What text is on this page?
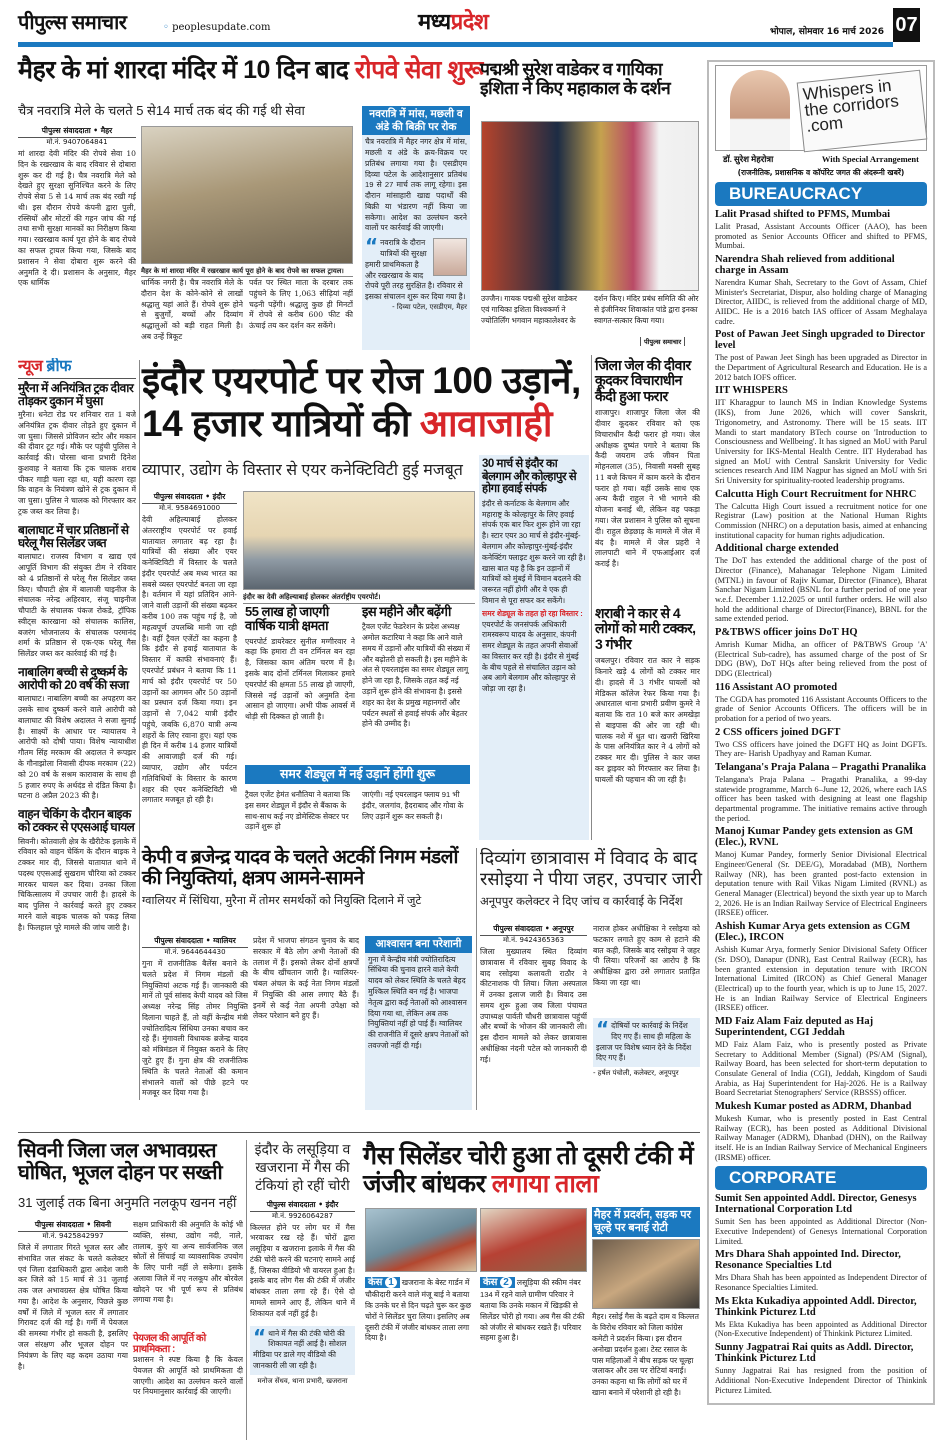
पीपुल्स समाचार	◦ peoplesupdate.com	मध्यप्रदेश	भोपाल, सोमवार 16 मार्च 2026 07
मैहर के मां शारदा मंदिर में 10 दिन बाद रोपवे सेवा शुरू
चैत्र नवरात्रि मेले के चलते 5 से14 मार्च तक बंद की गई थी सेवा
पीपुल्स संवाददाता • मैहर
मो.नं. 9407064841
मां शारदा देवी मंदिर की रोपवे सेवा 10 दिन के रखरखाव के बाद रविवार से दोबारा शुरू कर दी गई है। चैत्र नवरात्रि मेले को देखते हुए सुरक्षा सुनिश्चित करने के लिए रोपवे सेवा 5 से 14 मार्च तक बंद रखी गई थी। इस दौरान रोपवे कंपनी द्वारा पुली, रस्सियों और मोटरों की गहन जांच की गई तथा सभी सुरक्षा मानकों का निरीक्षण किया गया। रखरखाव कार्य पूरा होने के बाद रोपवे का सफल ट्रायल किया गया, जिसके बाद प्रशासन ने सेवा दोबारा शुरू करने की अनुमति दे दी। प्रशासन के अनुसार, मैहर एक धार्मिक
मैहर के मां शारदा मंदिर में रखरखाव कार्य पूरा होने के बाद रोपवे का सफल ट्रायल।
धार्मिक नगरी है। चैत्र नवरात्रि मेले के दौरान देश के कोने-कोने से लाखों श्रद्धालु यहां आते हैं। रोपवे शुरू होने से बुजुर्गों, बच्चों और दिव्यांग श्रद्धालुओं को बड़ी राहत मिली है। अब उन्हें त्रिकूट
पर्वत पर स्थित माता के दरबार तक पहुंचने के लिए 1,063 सीढ़ियां नहीं चढ़नी पड़ेंगी। श्रद्धालु कुछ ही मिनटों में रोपवे से करीब 600 फीट की ऊंचाई तय कर दर्शन कर सकेंगे।
नवरात्रि में मांस, मछली व अंडे की बिक्री पर रोक
चैत्र नवरात्रि में मैहर नगर क्षेत्र में मांस, मछली व अंडे के क्रय-विक्रय पर प्रतिबंध लगाया गया है। एसडीएम दिव्या पटेल के आदेशानुसार प्रतिबंध 19 से 27 मार्च तक लागू रहेगा। इस दौरान मांसाहारी खाद्य पदार्थों की बिक्री या भंडारण नहीं किया जा सकेगा। आदेश का उल्लंघन करने वालों पर कार्रवाई की जाएगी।
“ नवरात्रि के दौरान यात्रियों की सुरक्षा हमारी प्राथमिकता है और रखरखाव के बाद रोपवे पूरी तरह सुरक्षित है। रविवार से इसका संचालन शुरू कर दिया गया है।
- दिव्या पटेल, एसडीएम, मैहर
पद्मश्री सुरेश वाडेकर व गायिका इशिता ने किए महाकाल के दर्शन
उज्जैन। गायक पद्मश्री सुरेश वाडेकर एवं गायिका इशिता विश्वकर्मा ने ज्योतिर्लिंग भगवान महाकालेश्वर के
दर्शन किए। मंदिर प्रबंध समिति की ओर से इंजीनियर शिवाकांत पांडे द्वारा इनका स्वागत-सत्कार किया गया।
पीपुल्स समाचार
न्यूज ब्रीफ
मुरैना में अनियंत्रित ट्रक दीवार तोड़कर दुकान में घुसा
मुरैना। धनेटा रोड पर शनिवार रात 1 बजे अनियंत्रित ट्रक दीवार तोड़ते हुए दुकान में जा घुसा। जिससे प्रोविजन स्टोर और मकान की दीवार टूट गई। मौके पर पहुंची पुलिस ने कार्रवाई की। पोरसा थाना प्रभारी दिनेश कुशवाह ने बताया कि ट्रक चालक शराब पीकर गाड़ी चला रहा था, यही कारण रहा कि वाहन के नियंत्रण खोने से ट्रक दुकान में जा घुसा। पुलिस ने चालक को गिरफ्तार कर ट्रक जब्त कर लिया है।
बालाघाट में चार प्रतिष्ठानों से घरेलू गैस सिलेंडर जब्त
बालाघाट। राजस्व विभाग व खाद्य एवं आपूर्ति विभाग की संयुक्त टीम ने रविवार को 4 प्रतिष्ठानों से घरेलू गैस सिलेंडर जब्त किए। चौपाटी क्षेत्र में बालाजी चाइनीज के संचालक नरेन्द्र अहिरवार, संजू चाइनीज चौपाटी के संचालक पंकज रोकडे, ट्रॉपिक स्वीट्स कारखाना को संचालक कालिस, बजरंग भोजनालय के संचालक परमानंद शर्मा के प्रतिष्ठान से एक-एक घरेलू गैस सिलेंडर जब्त कर कार्रवाई की गई है।
नाबालिग बच्ची से दुष्कर्म के आरोपी को 20 वर्ष की सजा
बालाघाट। नाबालिग बच्ची का अपहरण कर उसके साथ दुष्कर्म करने वाले आरोपी को बालाघाट की विशेष अदालत ने सजा सुनाई है। साक्ष्यों के आधार पर न्यायालय ने आरोपी को दोषी पाया। विशेष न्यायाधीश गौतम सिंह मरकाम की अदालत ने रूपझर के गौनाझोला निवासी दीपक मरकाम (22) को 20 वर्ष के सश्रम कारावास के साथ ही 5 हजार रुपए के अर्थदंड से दंडित किया है। घटना 8 अप्रैल 2023 की है।
वाहन चेकिंग के दौरान बाइक को टक्कर से एएसआई घायल
सिवनी। कोतवाली क्षेत्र के खैरीटेक इलाके में रविवार को वाहन चेकिंग के दौरान बाइक ने टक्कर मार दी, जिससे यातायात थाने में पदस्थ एएसआई सुखराम चौरिया को टक्कर मारकर घायल कर दिया। उनका जिला चिकित्सालय में उपचार जारी है। हादसे के बाद पुलिस ने कार्रवाई करते हुए टक्कर मारने वाले बाइक चालक को पकड़ लिया है। फिलहाल पूरे मामले की जांच जारी है।
इंदौर एयरपोर्ट पर रोज 100 उड़ानें,
14 हजार यात्रियों की आवाजाही
व्यापार, उद्योग के विस्तार से एयर कनेक्टिविटी हुई मजबूत
पीपुल्स संवाददाता • इंदौर
मो.नं. 9584691000
देवी अहिल्याबाई होलकर अंतरराष्ट्रीय एयरपोर्ट पर हवाई यातायात लगातार बढ़ रहा है। यात्रियों की संख्या और एयर कनेक्टिविटी में विस्तार के चलते इंदौर एयरपोर्ट अब मध्य भारत का सबसे व्यस्त एयरपोर्ट बनता जा रहा है। वर्तमान में यहां प्रतिदिन आने-जाने वाली उड़ानों की संख्या बढ़कर करीब 100 तक पहुंच गई है, जो महत्वपूर्ण उपलब्धि मानी जा रही है। वहीं ट्रैवल एजेंटों का कहना है कि इंदौर से हवाई यातायात के विस्तार में काफी संभावनाएं हैं। एयरपोर्ट प्रबंधन ने बताया कि 11 मार्च को इंदौर एयरपोर्ट पर 50 उड़ानों का आगमन और 50 उड़ानों का प्रस्थान दर्ज किया गया। इन उड़ानों से 7,042 यात्री इंदौर पहुंचे, जबकि 6,870 यात्री अन्य शहरों के लिए रवाना हुए। यहां एक ही दिन में करीब 14 हजार यात्रियों की आवाजाही दर्ज की गई। व्यापार, उद्योग और पर्यटन गतिविधियों के विस्तार के कारण शहर की एयर कनेक्टिविटी भी लगातार मजबूत हो रही है।
इंदौर का देवी अहिल्याबाई होलकर अंतर्राष्ट्रीय एयरपोर्ट।
55 लाख हो जाएगी वार्षिक यात्री क्षमता
एयरपोर्ट डायरेक्टर सुनील मग्गीरवार ने कहा कि हमारा टी वन टर्मिनल बन रहा है, जिसका काम अंतिम चरण में है। इसके बाद दोनों टर्मिनल मिलाकर हमारे एयरपोर्ट की क्षमता 55 लाख हो जाएगी, जिससे नई उड़ानों को अनुमति देना आसान हो जाएगा। अभी पीक आवर्स में थोड़ी सी दिक्कत हो जाती है।
इस महीने और बढ़ेंगी
ट्रैवल एजेंट फेडरेशन के प्रदेश अध्यक्ष अमोल कटारिया ने कहा कि आने वाले समय में उड़ानों और यात्रियों की संख्या में और बढ़ोतरी हो सकती है। इस महीने के अंत से एयरलाइंस का समर शेड्यूल लागू होने जा रहा है, जिसके तहत कई नई उड़ानें शुरू होने की संभावना है। इससे शहर का देश के प्रमुख महानगरों और पर्यटन स्थलों से हवाई संपर्क और बेहतर होने की उम्मीद है।
समर शेड्यूल में नई उड़ानें होंगी शुरू
ट्रैवल एजेंट हेमंत धनौतिया ने बताया कि इस समर शेड्यूल में इंदौर से बैंकाक के साथ-साथ कई नए डोमेस्टिक सेक्टर पर उड़ानें शुरू हो
जाएंगी। नई एयरलाइन फ्लाय 91 भी इंदौर, जलगांव, हैदराबाद और गोवा के लिए उड़ानें शुरू कर सकती है।
30 मार्च से इंदौर का बेलगाम और कोल्हापुर से होगा हवाई संपर्क
इंदौर से कर्नाटक के बेलगाम और महाराष्ट्र के कोल्हापुर के लिए हवाई संपर्क एक बार फिर शुरू होने जा रहा है। स्टार एयर 30 मार्च से इंदौर-मुंबई-बेलगाम और कोल्हापुर-मुंबई-इंदौर कनेक्टिंग फ्लाइट शुरू करने जा रही है। खास बात यह है कि इन उड़ानों में यात्रियों को मुंबई में विमान बदलने की जरूरत नहीं होगी और वे एक ही विमान से पूरा सफर कर सकेंगे।
समर शेड्यूल के तहत हो रहा विस्तार : एयरपोर्ट के जनसंपर्क अधिकारी रामस्वरूप यादव के अनुसार, कंपनी समर शेड्यूल के तहत अपनी सेवाओं का विस्तार कर रही है। इंदौर से मुंबई के बीच पहले से संचालित उड़ान को अब आगे बेलगाम और कोल्हापुर से जोड़ा जा रहा है।
जिला जेल की दीवार कूदकर विचाराधीन कैदी हुआ फरार
शाजापुर। शाजापुर जिला जेल की दीवार कूदकर रविवार को एक विचाराधीन कैदी फरार हो गया। जेल अधीक्षक दुष्यंत पगारे ने बताया कि कैदी जयराम उर्फ जीवन पिता मोहनलाल (35), निवासी मक्सी सुबह 11 बजे किचन में काम करने के दौरान फरार हो गया। वहीं उसके साथ एक अन्य कैदी राहुल ने भी भागने की योजना बनाई थी, लेकिन वह पकड़ा गया। जेल प्रशासन ने पुलिस को सूचना दी। राहुल छेड़छाड़ के मामले में जेल में बंद है। मामले में जेल प्रहरी ने लालपाटी थाने में एफआईआर दर्ज कराई है।
शराबी ने कार से 4 लोगों को मारी टक्कर, 3 गंभीर
जबलपुर। रविवार रात कार ने सड़क किनारे खड़े 4 लोगों को टक्कर मार दी। हादसे में 3 गंभीर घायलों को मेडिकल कॉलेज रेफर किया गया है। अधारताल थाना प्रभारी प्रवीण कुमरे ने बताया कि रात 10 बजे कार अमखेड़ा से बाइपास की ओर जा रही थी। चालक नशे में धुत था। खजरी खिरिया के पास अनियंत्रित कार ने 4 लोगों को टक्कर मार दी। पुलिस ने कार जब्त कर ड्राइवर को गिरफ्तार कर लिया है। घायलों की पहचान की जा रही है।
केपी व ब्रजेन्द्र यादव के चलते अटकीं निगम मंडलों की नियुक्तियां, क्षत्रप आमने-सामने
ग्वालियर में सिंधिया, मुरैना में तोमर समर्थकों को नियुक्ति दिलाने में जुटे
पीपुल्स संवाददाता • ग्वालियर
मो.नं. 9644644430
गुना में राजनीतिक बैलेंस बनाने के चलते प्रदेश में निगम मंडलों की नियुक्तियां अटक गई हैं। जानकारी की मानें तो पूर्व सांसद केपी यादव को जिस अध्यक्ष नरेन्द्र सिंह तोमर नियुक्ति दिलाना चाहते हैं, तो वहीं केन्द्रीय मंत्री ज्योतिरादित्य सिंधिया उनका बचाव कर रहे हैं। मुंगावली विधायक ब्रजेन्द्र यादव को मंत्रिमंडल में नियुक्त कराने के लिए जुटे हुए हैं। गुना क्षेत्र की राजनीतिक स्थिति के चलते नेताओं की कमान संभालने वालों को पीछे हटने पर मजबूर कर दिया गया है।
प्रदेश में भाजपा संगठन चुनाव के बाद सरकार में बैठे लोग अभी नेताओं की तलाश में हैं। इसको लेकर दोनों क्षत्रपों के बीच खींचतान जारी है। ग्वालियर-चंबल अंचल के कई नेता निगम मंडलों में नियुक्ति की आस लगाए बैठे हैं। इनमें से कई नेता अपनी उपेक्षा को लेकर परेशान बने हुए हैं।
आश्वासन बना परेशानी
गुना में केन्द्रीय मंत्री ज्योतिरादित्य सिंधिया की चुनाव हारने वाले केपी यादव को लेकर स्थिति के चलते बेहद मुश्किल स्थिति बन गई है। भाजपा नेतृत्व द्वारा कई नेताओं को आश्वासन दिया गया था, लेकिन अब तक नियुक्तियां नहीं हो पाई हैं। ग्वालियर की राजनीति में दूसरे क्षत्रप नेताओं को तवज्जो नहीं दी गई।
दिव्यांग छात्रावास में विवाद के बाद रसोइया ने पीया जहर, उपचार जारी
अनूपपुर कलेक्टर ने दिए जांच व कार्रवाई के निर्देश
पीपुल्स संवाददाता • अनूपपुर
मो.नं. 9424365363
जिला मुख्यालय स्थित दिव्यांग छात्रावास में रविवार सुबह विवाद के बाद रसोइया कलावती राठौर ने कीटनाशक पी लिया। जिला अस्पताल में उनका इलाज जारी है। विवाद उस समय शुरू हुआ जब जिला पंचायत उपाध्यक्ष पार्वती चौधरी छात्रावास पहुंचीं और बच्चों के भोजन की जानकारी ली। इस दौरान मामले को लेकर छात्रावास अधीक्षिका नंदनी पटेल को जानकारी दी गई।
नाराज होकर अधीक्षिका ने रसोइया को फटकार लगाते हुए काम से हटाने की बात कही, जिसके बाद रसोइया ने जहर पी लिया। परिजनों का आरोप है कि अधीक्षिका द्वारा उसे लगातार प्रताड़ित किया जा रहा था।
“ दोषियों पर कार्रवाई के निर्देश दिए गए हैं। साथ ही महिला के इलाज पर विशेष ध्यान देने के निर्देश दिए गए हैं।
- हर्षल पंचोली, कलेक्टर, अनूपपुर
सिवनी जिला जल अभावग्रस्त घोषित, भूजल दोहन पर सख्ती
31 जुलाई तक बिना अनुमति नलकूप खनन नहीं
पीपुल्स संवाददाता • सिवनी
मो.नं. 9425842997
जिले में लगातार गिरते भूजल स्तर और संभावित जल संकट के चलते कलेक्टर एवं जिला दंडाधिकारी द्वारा आदेश जारी कर जिले को 15 मार्च से 31 जुलाई तक जल अभावग्रस्त क्षेत्र घोषित किया गया है। आदेश के अनुसार, पिछले कुछ वर्षों में जिले में भूजल स्तर में लगातार गिरावट दर्ज की गई है। गर्मी में पेयजल की समस्या गंभीर हो सकती है, इसलिए जल संरक्षण और भूजल दोहन पर नियंत्रण के लिए यह कदम उठाया गया है।
सक्षम प्राधिकारी की अनुमति के कोई भी व्यक्ति, संस्था, उद्योग नदी, नाले, तालाब, कुएं या अन्य सार्वजनिक जल स्रोतों से सिंचाई या व्यावसायिक उपयोग के लिए पानी नहीं ले सकेगा। इसके अलावा जिले में नए नलकूप और बोरवेल खोदने पर भी पूर्ण रूप से प्रतिबंध लगाया गया है।
पेयजल की आपूर्ति को प्राथमिकता :
प्रशासन ने स्पष्ट किया है कि केवल पेयजल की आपूर्ति को प्राथमिकता दी जाएगी। आदेश का उल्लंघन करने वालों पर नियमानुसार कार्रवाई की जाएगी।
इंदौर के लसूड़िया व खजराना में गैस की टंकियां हो रहीं चोरी
पीपुल्स संवाददाता • इंदौर
मो.नं. 9926064287
किल्लत होने पर लोग घर में गैस भरवाकर रख रहे हैं। चोरों द्वारा लसूड़िया व खजराना इलाके में गैस की टंकी चोरी करने की घटनाएं सामने आई हैं, जिसका वीडियो भी वायरल हुआ है। इसके बाद लोग गैस की टंकी में जंजीर बांधकर ताला लगा रहे हैं। ऐसे दो मामले सामने आए हैं, लेकिन थाने में शिकायत दर्ज नहीं हुई है।
“ थाने में गैस की टंकी चोरी की शिकायत नहीं आई है। सोशल मीडिया पर डाले गए वीडियो की जानकारी ली जा रही है।
मनोज सेंधव, थाना प्रभारी, खजराना
गैस सिलेंडर चोरी हुआ तो दूसरी टंकी में जंजीर बांधकर लगाया ताला
केस 1 खजराना के बेस्ट गार्डन में चौकीदारी करने वाले मंजू बाई ने बताया कि उनके घर से दिन चढ़ते चुरू कर कुछ चोरों ने सिलेंडर चुरा लिया। इसलिए अब दूसरी टंकी में जंजीर बांधकर ताला लगा दिया है।
केस 2 लसूड़िया की स्कीम नंबर 134 में रहने वाले ग्रामीण परिवार ने बताया कि उनके मकान में खिड़की से सिलेंडर चोरी हो गया। अब गैस की टंकी को जंजीर से बांधकर रखते हैं। परिवार सहमा हुआ है।
मैहर में प्रदर्शन, सड़क पर चूल्हे पर बनाई रोटी
मैहर। रसोई गैस के बढ़ते दाम व किल्लत के विरोध रविवार को जिला कांग्रेस कमेटी ने प्रदर्शन किया। इस दौरान अनोखा प्रदर्शन हुआ। टेस्ट रसाल के पास महिलाओं ने बीच सड़क पर चूल्हा जलाकर और उस पर रोटियां बनाईं। उनका कहना था कि लोगों को घर में खाना बनाने में परेशानी हो रही है।
Whispers in the corridors .com
डॉ. सुरेश मेहरोत्रा	With Special Arrangement
(राजनीतिक, प्रशासनिक व कॉर्पोरेट जगत की अंदरूनी खबरें)
BUREAUCRACY
Lalit Prasad shifted to PFMS, Mumbai
Lalit Prasad, Assistant Accounts Officer (AAO), has been promoted as Senior Accounts Officer and shifted to PFMS, Mumbai.
Narendra Shah relieved from additional charge in Assam
Narendra Kumar Shah, Secretary to the Govt of Assam, Chief Minister's Secretariat, Dispur, also holding charge of Managing Director, AIIDC, is relieved from the additional charge of MD, AIIDC. He is a 2016 batch IAS officer of Assam Meghalaya cadre.
Post of Pawan Jeet Singh upgraded to Director level
The post of Pawan Jeet Singh has been upgraded as Director in the Department of Agricultural Research and Education. He is a 2012 batch IOFS officer.
IIT WHISPERS
IIT Kharagpur to launch MS in Indian Knowledge Systems (IKS), from June 2026, which will cover Sanskrit, Trigonometry, and Astronomy. There will be 15 seats. IIT Mandi to start mandatory BTech course on 'Introduction to Consciousness and Wellbeing'. It has signed an MoU with Parul University for IKS-Mental Health Centre. IIT Hyderabad has signed an MoU with Central Sanskrit University for Vedic sciences research And IIM Nagpur has signed an MoU with Sri Sri University for spirituality-rooted leadership programs.
Calcutta High Court Recruitment for NHRC
The Calcutta High Court issued a recruitment notice for one Registrar (Law) position at the National Human Rights Commission (NHRC) on a deputation basis, aimed at enhancing institutional capacity for human rights adjudication.
Additional charge extended
The DoT has extended the additional charge of the post of Director (Finance), Mahanagar Telephone Nigam Limited (MTNL) in favour of Rajiv Kumar, Director (Finance), Bharat Sanchar Nigam Limited (BSNL for a further period of one year w.e.f. December 1.12.2025 or until further orders. He will also hold the additional charge of Director(Finance), BBNL for the same extended period.
P&TBWS officer joins DoT HQ
Amrish Kumar Midha, an officer of P&TBWS Group 'A' (Electrical Sub-cadre), has assumed charge of the post of Sr DDG (BW), DoT HQs after being relieved from the post of DDG (Electrical)
116 Assistant AO promoted
The CGDA has promoted 116 Assistant Accounts Officers to the grade of Senior Accounts Officers. The officers will be in probation for a period of two years.
2 CSS officers joined DGFT
Two CSS officers have joined the DGFT HQ as Joint DGFTs. They are- Harish Upadhyay and Raman Kumar.
Telangana's Praja Palana – Pragathi Pranalika
Telangana's Praja Palana – Pragathi Pranalika, a 99-day statewide programme, March 6–June 12, 2026, where each IAS officer has been tasked with designing at least one flagship departmental programme. The initiative remains active through the period.
Manoj Kumar Pandey gets extension as GM (Elec.), RVNL
Manoj Kumar Pandey, formerly Senior Divisional Electrical Engineer/General (Sr. DEE/G), Moradabad (MB), Northern Railway (NR), has been granted post-facto extension in deputation tenure with Rail Vikas Nigam Limited (RVNL) as General Manager (Electrical) beyond the sixth year up to March 2, 2026. He is an Indian Railway Service of Electrical Engineers (IRSEE) officer.
Ashish Kumar Arya gets extension as CGM (Elec.), IRCON
Ashish Kumar Arya, formerly Senior Divisional Safety Officer (Sr. DSO), Danapur (DNR), East Central Railway (ECR), has been granted extension in deputation tenure with IRCON International Limited (IRCON) as Chief General Manager (Electrical) up to the fourth year, which is up to June 15, 2027. He is an Indian Railway Service of Electrical Engineers (IRSEE) officer.
MD Faiz Alam Faiz deputed as Haj Superintendent, CGI Jeddah
MD Faiz Alam Faiz, who is presently posted as Private Secretary to Additional Member (Signal) (PS/AM (Signal), Railway Board, has been selected for short-term deputation to Consulate General of India (CGI), Jeddah, Kingdom of Saudi Arabia, as Haj Superintendent for Haj-2026. He is a Railway Board Secretariat Stenographers' Service (RBSSS) officer.
Mukesh Kumar posted as ADRM, Dhanbad
Mukesh Kumar, who is presently posted in East Central Railway (ECR), has been posted as Additional Divisional Railway Manager (ADRM), Dhanbad (DHN), on the Railway itself. He is an Indian Railway Service of Mechanical Engineers (IRSME) officer.
CORPORATE
Sumit Sen appointed Addl. Director, Genesys International Corporation Ltd
Sumit Sen has been appointed as Additional Director (Non-Executive Independent) of Genesys International Corporation Limited.
Mrs Dhara Shah appointed Ind. Director, Resonance Specialties Ltd
Mrs Dhara Shah has been appointed as Independent Director of Resonance Specialties Limited.
Ms Ekta Kukadiya appointed Addl. Director, Thinkink Picturez Ltd
Ms Ekta Kukadiya has been appointed as Additional Director (Non-Executive Independent) of Thinkink Picturez Limited.
Sunny Jagpatrai Rai quits as Addl. Director, Thinkink Picturez Ltd
Sunny Jagpatrai Rai has resigned from the position of Additional Non-Executive Independent Director of Thinkink Picturez Limited.
